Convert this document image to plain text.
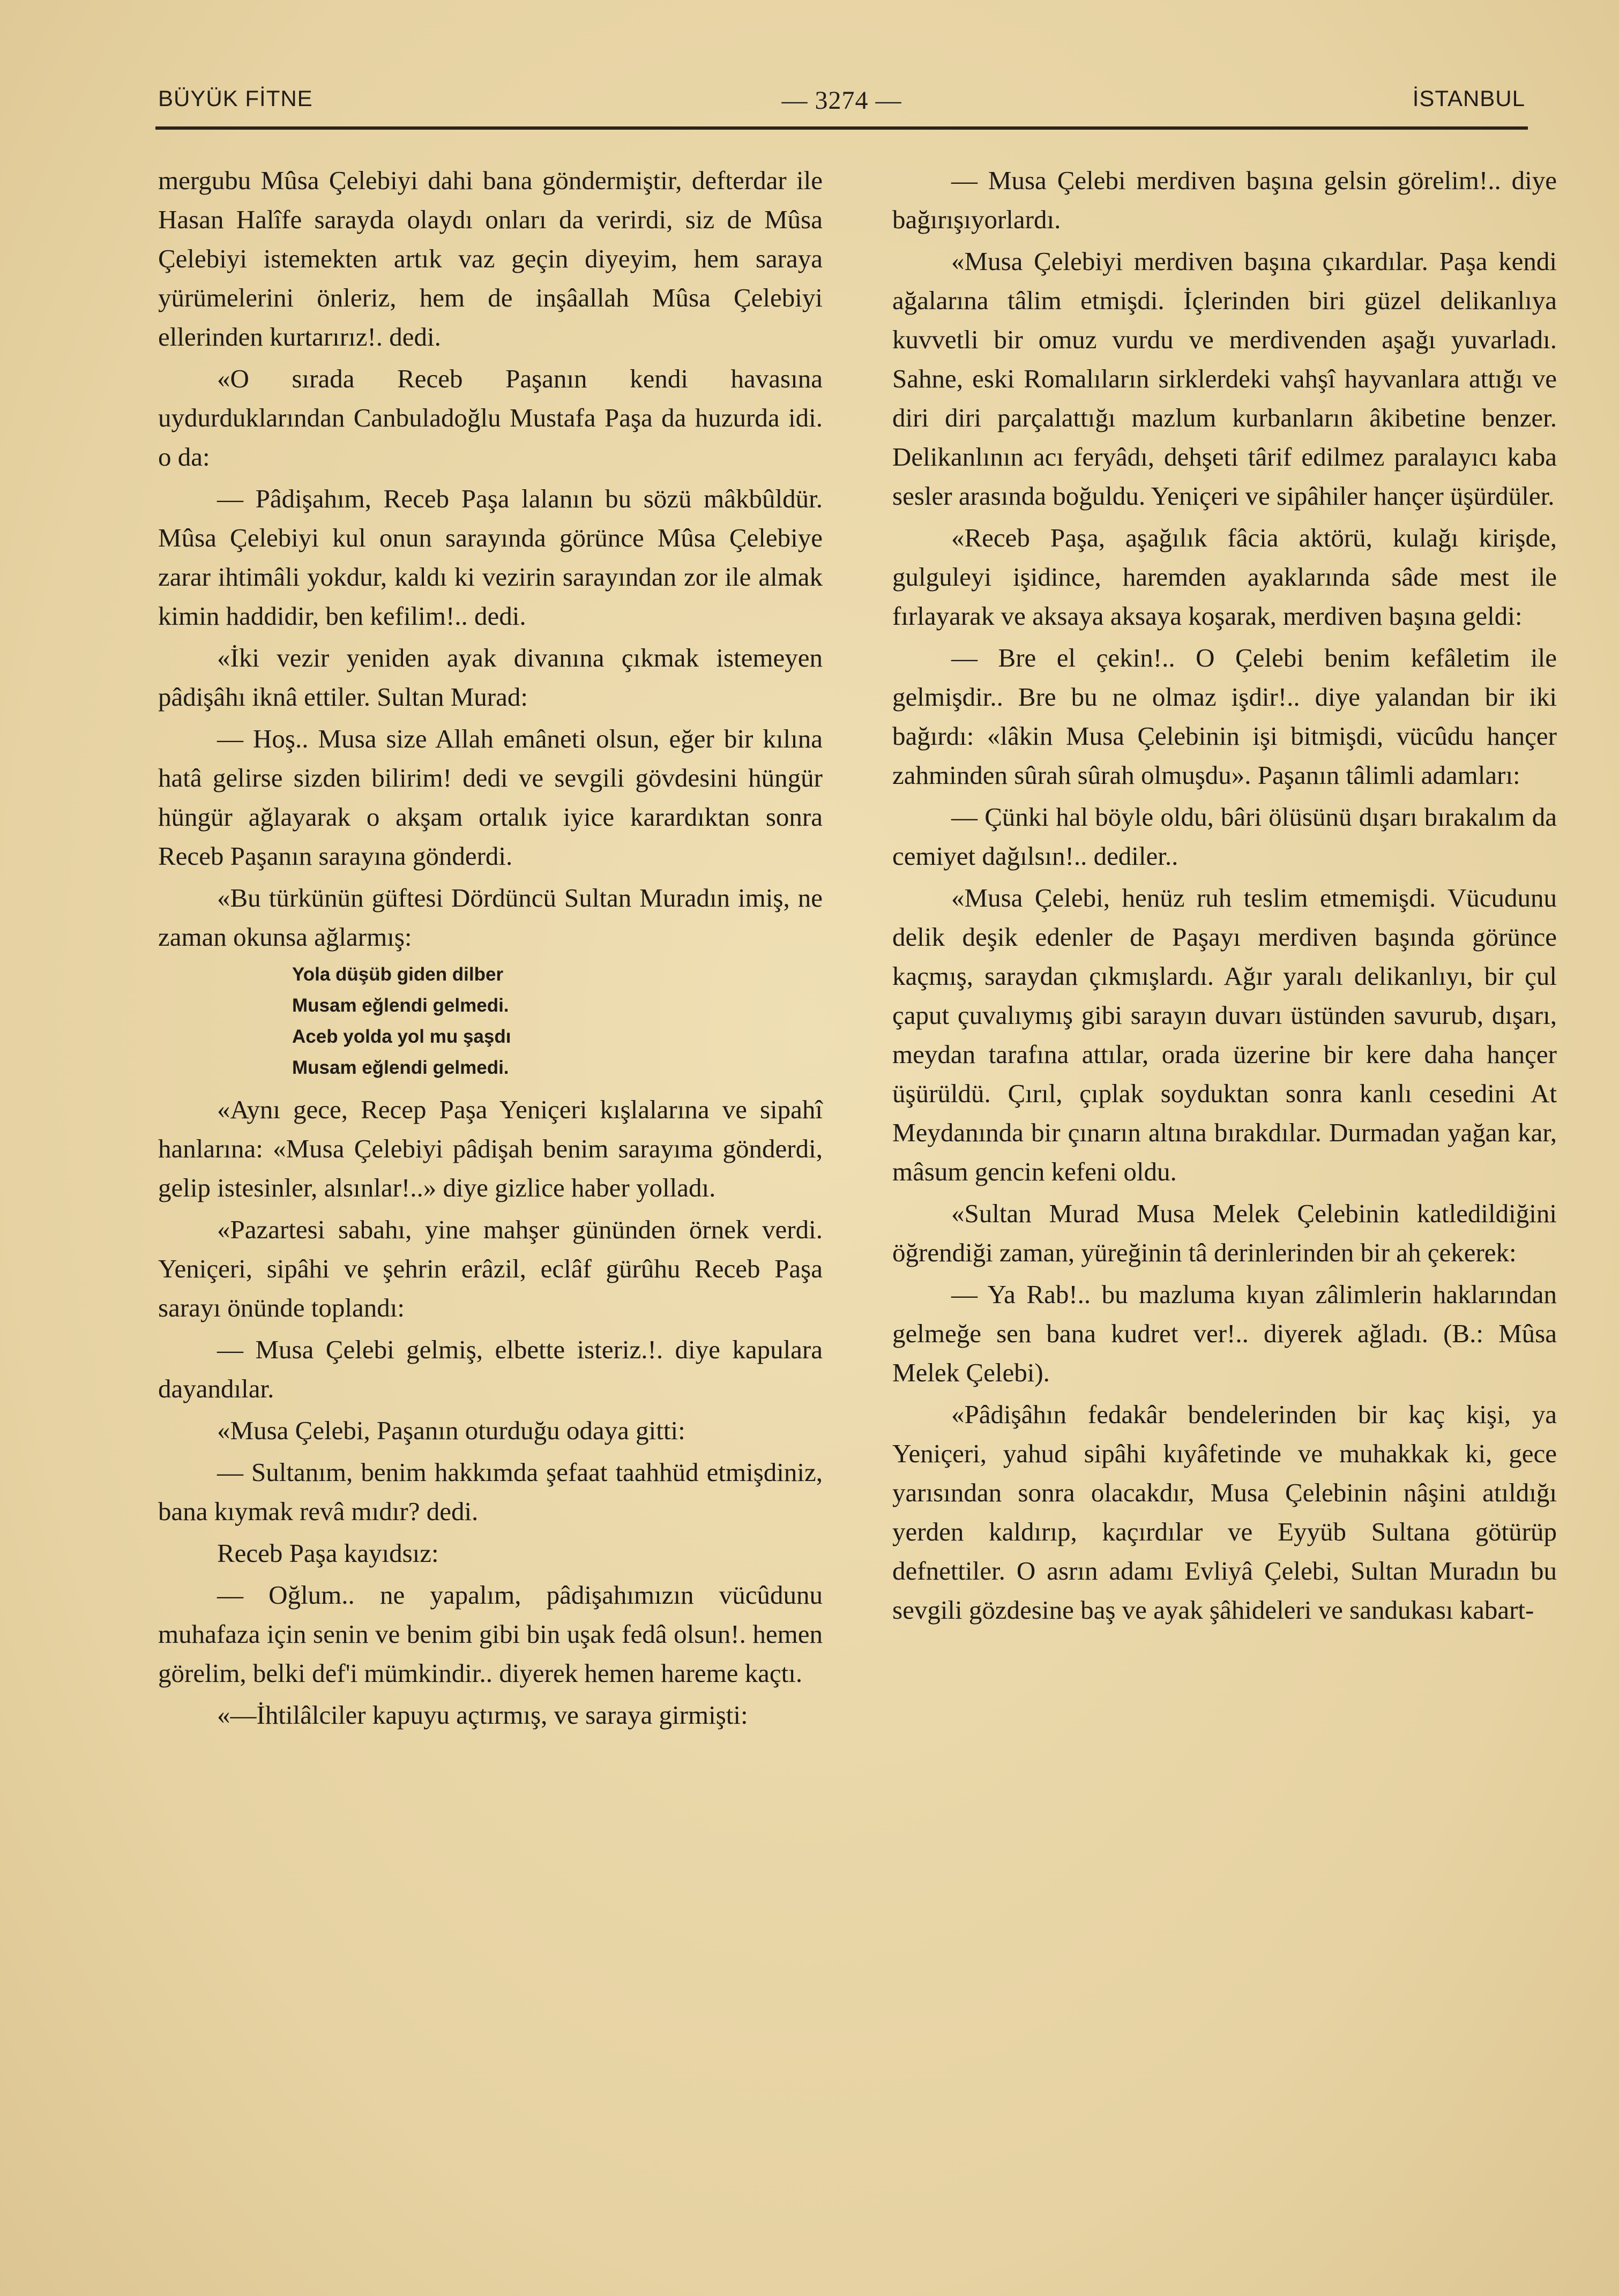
BÜYÜK FİTNE	— 3274 —	İSTANBUL

mergubu Mûsa Çelebiyi dahi bana göndermiştir, defterdar ile Hasan Halîfe sarayda olaydı onları da verirdi, siz de Mûsa Çelebiyi istemekten artık vaz geçin diyeyim, hem saraya yürümelerini önleriz, hem de inşâallah Mûsa Çelebiyi ellerinden kurtarırız!. dedi.

«O sırada Receb Paşanın kendi havasına uydurduklarından Canbuladoğlu Mustafa Paşa da huzurda idi. o da:

— Pâdişahım, Receb Paşa lalanın bu sözü mâkbûldür. Mûsa Çelebiyi kul onun sarayında görünce Mûsa Çelebiye zarar ihtimâli yokdur, kaldı ki vezirin sarayından zor ile almak kimin haddidir, ben kefilim!.. dedi.

«İki vezir yeniden ayak divanına çıkmak istemeyen pâdişâhı iknâ ettiler. Sultan Murad:

— Hoş.. Musa size Allah emâneti olsun, eğer bir kılına hatâ gelirse sizden bilirim! dedi ve sevgili gövdesini hüngür hüngür ağlayarak o akşam ortalık iyice karardıktan sonra Receb Paşanın sarayına gönderdi.

«Bu türkünün güftesi Dördüncü Sultan Muradın imiş, ne zaman okunsa ağlarmış:

Yola düşüb giden dilber
Musam eğlendi gelmedi.
Aceb yolda yol mu şaşdı
Musam eğlendi gelmedi.

«Aynı gece, Recep Paşa Yeniçeri kışlalarına ve sipahî hanlarına: «Musa Çelebiyi pâdişah benim sarayıma gönderdi, gelip istesinler, alsınlar!..» diye gizlice haber yolladı.

«Pazartesi sabahı, yine mahşer gününden örnek verdi. Yeniçeri, sipâhi ve şehrin erâzil, eclâf gürûhu Receb Paşa sarayı önünde toplandı:

— Musa Çelebi gelmiş, elbette isteriz.!. diye kapulara dayandılar.

«Musa Çelebi, Paşanın oturduğu odaya gitti:

— Sultanım, benim hakkımda şefaat taahhüd etmişdiniz, bana kıymak revâ mıdır? dedi.

Receb Paşa kayıdsız:

— Oğlum.. ne yapalım, pâdişahımızın vücûdunu muhafaza için senin ve benim gibi bin uşak fedâ olsun!. hemen görelim, belki def'i mümkindir.. diyerek hemen hareme kaçtı.

«—İhtilâlciler kapuyu açtırmış, ve saraya girmişti:

— Musa Çelebi merdiven başına gelsin görelim!.. diye bağırışıyorlardı.

«Musa Çelebiyi merdiven başına çıkardılar. Paşa kendi ağalarına tâlim etmişdi. İçlerinden biri güzel delikanlıya kuvvetli bir omuz vurdu ve merdivenden aşağı yuvarladı. Sahne, eski Romalıların sirklerdeki vahşî hayvanlara attığı ve diri diri parçalattığı mazlum kurbanların âkibetine benzer. Delikanlının acı feryâdı, dehşeti târif edilmez paralayıcı kaba sesler arasında boğuldu. Yeniçeri ve sipâhiler hançer üşürdüler.

«Receb Paşa, aşağılık fâcia aktörü, kulağı kirişde, gulguleyi işidince, haremden ayaklarında sâde mest ile fırlayarak ve aksaya aksaya koşarak, merdiven başına geldi:

— Bre el çekin!.. O Çelebi benim kefâletim ile gelmişdir.. Bre bu ne olmaz işdir!.. diye yalandan bir iki bağırdı: «lâkin Musa Çelebinin işi bitmişdi, vücûdu hançer zahminden sûrah sûrah olmuşdu». Paşanın tâlimli adamları:

— Çünki hal böyle oldu, bâri ölüsünü dışarı bırakalım da cemiyet dağılsın!.. dediler..

«Musa Çelebi, henüz ruh teslim etmemişdi. Vücudunu delik deşik edenler de Paşayı merdiven başında görünce kaçmış, saraydan çıkmışlardı. Ağır yaralı delikanlıyı, bir çul çaput çuvalıymış gibi sarayın duvarı üstünden savurub, dışarı, meydan tarafına attılar, orada üzerine bir kere daha hançer üşürüldü. Çırıl, çıplak soyduktan sonra kanlı cesedini At Meydanında bir çınarın altına bırakdılar. Durmadan yağan kar, mâsum gencin kefeni oldu.

«Sultan Murad Musa Melek Çelebinin katledildiğini öğrendiği zaman, yüreğinin tâ derinlerinden bir ah çekerek:

— Ya Rab!.. bu mazluma kıyan zâlimlerin haklarından gelmeğe sen bana kudret ver!.. diyerek ağladı. (B.: Mûsa Melek Çelebi).

«Pâdişâhın fedakâr bendelerinden bir kaç kişi, ya Yeniçeri, yahud sipâhi kıyâfetinde ve muhakkak ki, gece yarısından sonra olacakdır, Musa Çelebinin nâşini atıldığı yerden kaldırıp, kaçırdılar ve Eyyüb Sultana götürüp defnettiler. O asrın adamı Evliyâ Çelebi, Sultan Muradın bu sevgili gözdesine baş ve ayak şâhideleri ve sandukası kabart-
